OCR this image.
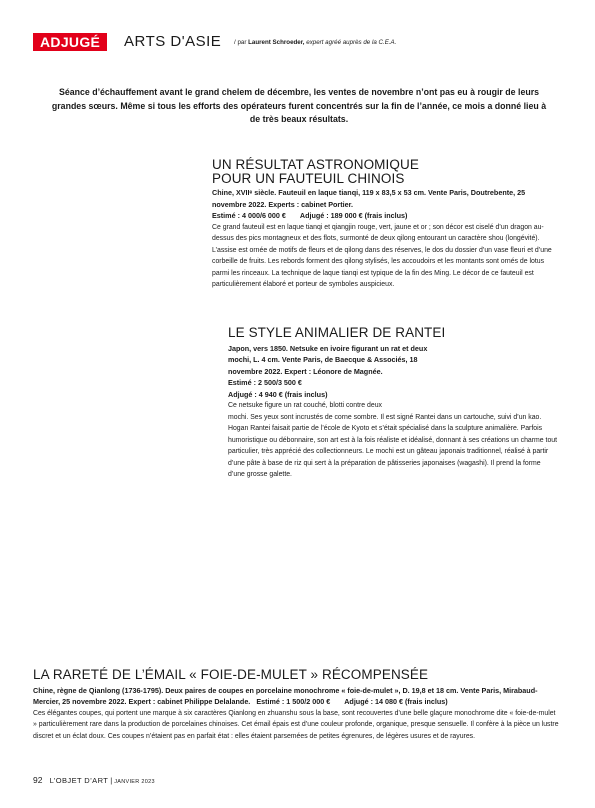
ADJUGÉ	ARTS D'ASIE / par Laurent Schroeder, expert agréé auprès de la C.E.A.
Séance d’échauffement avant le grand chelem de décembre, les ventes de novembre n’ont pas eu à rougir de leurs grandes sœurs. Même si tous les efforts des opérateurs furent concentrés sur la fin de l’année, ce mois a donné lieu à de très beaux résultats.
UN RÉSULTAT ASTRONOMIQUE
POUR UN FAUTEUIL CHINOIS
Chine, XVIIᵉ siècle. Fauteuil en laque tianqi, 119 x 83,5 x 53 cm. Vente Paris, Doutrebente, 25 novembre 2022. Experts : cabinet Portier.
Estimé : 4 000/6 000 € Adjugé : 189 000 € (frais inclus)
Ce grand fauteuil est en laque tianqi et qiangjin rouge, vert, jaune et or ; son décor est ciselé d’un dragon au-dessus des pics montagneux et des flots, surmonté de deux qilong entourant un caractère shou (longévité). L’assise est ornée de motifs de fleurs et de qilong dans des réserves, le dos du dossier d’un vase fleuri et d’une corbeille de fruits. Les rebords forment des qilong stylisés, les accoudoirs et les montants sont ornés de lotus parmi les rinceaux. La technique de laque tianqi est typique de la fin des Ming. Le décor de ce fauteuil est particulièrement élaboré et porteur de symboles auspicieux.
LE STYLE ANIMALIER DE RANTEI
Japon, vers 1850. Netsuke en ivoire figurant un rat et deux mochi, L. 4 cm. Vente Paris, de Baecque & Associés, 18 novembre 2022. Expert : Léonore de Magnée.
Estimé : 2 500/3 500 €
Adjugé : 4 940 € (frais inclus)
Ce netsuke figure un rat couché, blotti contre deux
mochi. Ses yeux sont incrustés de corne sombre. Il est signé Rantei dans un cartouche, suivi d’un kao. Hogan Rantei faisait partie de l’école de Kyoto et s’était spécialisé dans la sculpture animalière. Parfois humoristique ou débonnaire, son art est à la fois réaliste et idéalisé, donnant à ses créations un charme tout particulier, très apprécié des collectionneurs. Le mochi est un gâteau japonais traditionnel, réalisé à partir d’une pâte à base de riz qui sert à la préparation de pâtisseries japonaises (wagashi). Il prend la forme d’une grosse galette.
LA RARETÉ DE L’ÉMAIL « FOIE-DE-MULET » RÉCOMPENSÉE
Chine, règne de Qianlong (1736-1795). Deux paires de coupes en porcelaine monochrome « foie-de-mulet », D. 19,8 et 18 cm. Vente Paris, Mirabaud-Mercier, 25 novembre 2022. Expert : cabinet Philippe Delalande. Estimé : 1 500/2 000 € Adjugé : 14 080 € (frais inclus)
Ces élégantes coupes, qui portent une marque à six caractères Qianlong en zhuanshu sous la base, sont recouvertes d’une belle glaçure monochrome dite « foie-de-mulet » particulièrement rare dans la production de porcelaines chinoises. Cet émail épais est d’une couleur profonde, organique, presque sensuelle. Il confère à la pièce un lustre discret et un éclat doux. Ces coupes n’étaient pas en parfait état : elles étaient parsemées de petites égrenures, de légères usures et de rayures.
92 L’OBJET D’ART | JANVIER 2023
